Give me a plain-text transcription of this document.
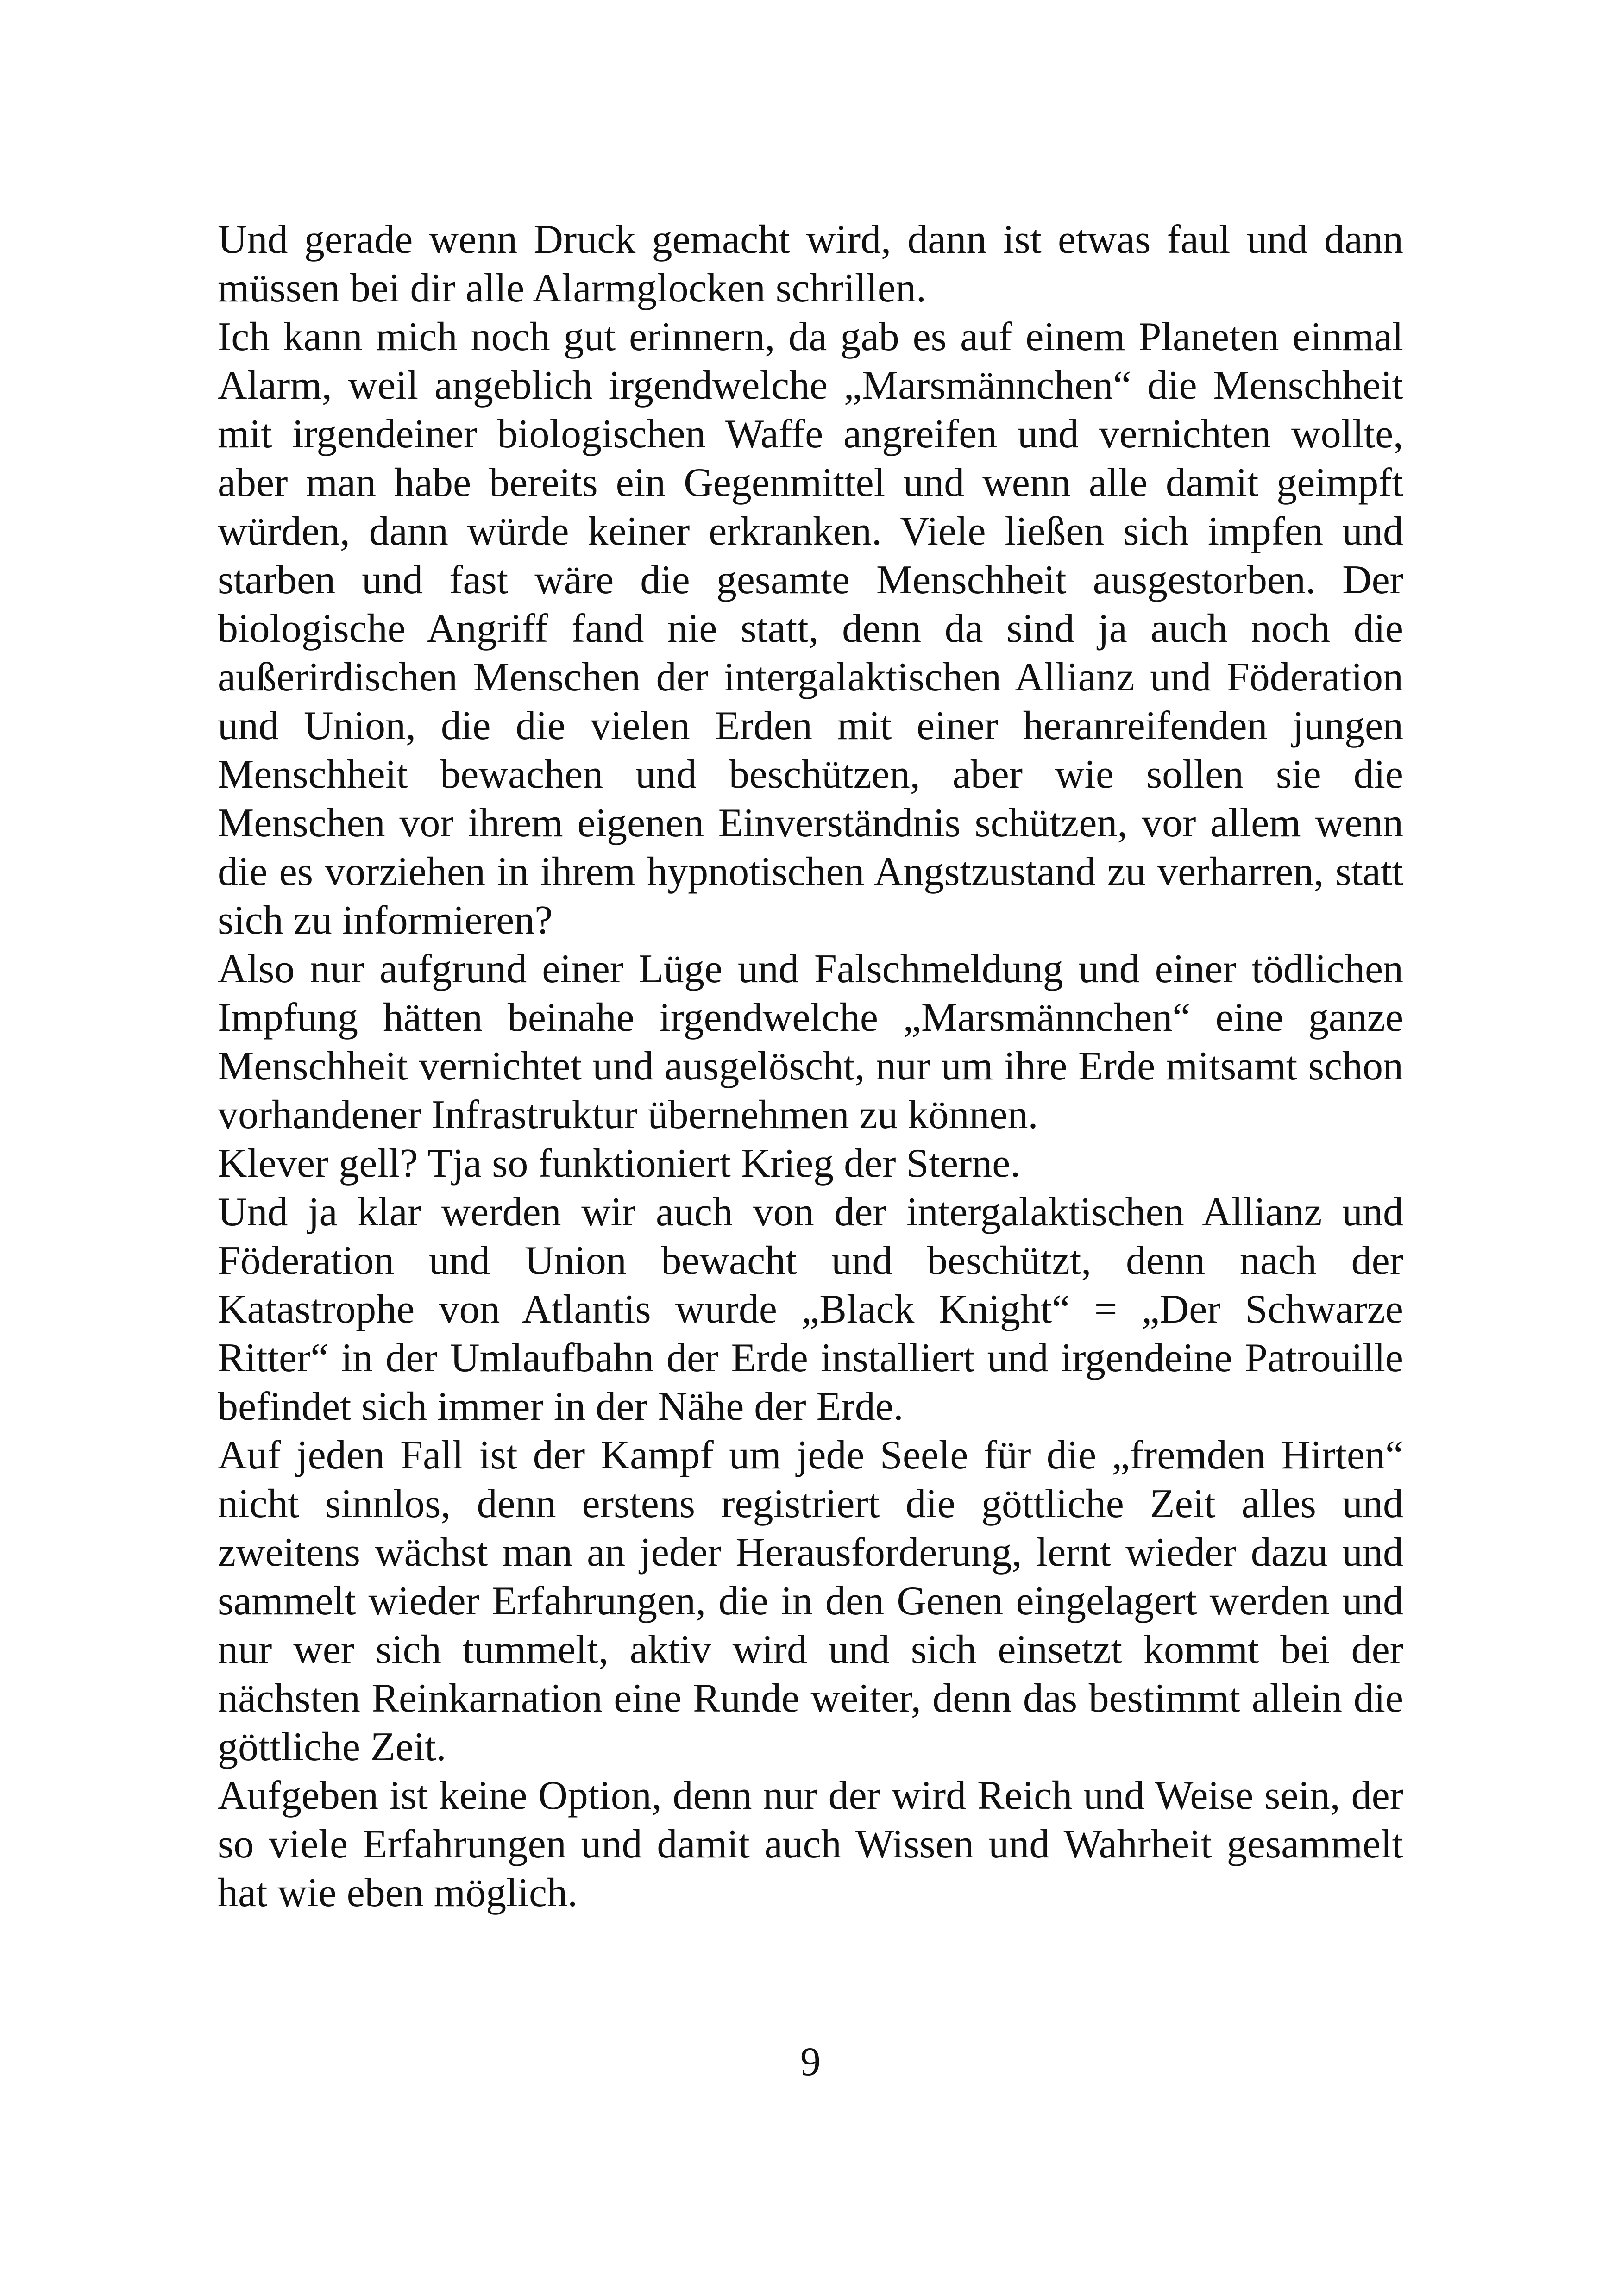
Und gerade wenn Druck gemacht wird, dann ist etwas faul und dann müssen bei dir alle Alarmglocken schrillen.

Ich kann mich noch gut erinnern, da gab es auf einem Planeten einmal Alarm, weil angeblich irgendwelche „Marsmännchen“ die Menschheit mit irgendeiner biologischen Waffe angreifen und vernichten wollte, aber man habe bereits ein Gegenmittel und wenn alle damit geimpft würden, dann würde keiner erkranken. Viele ließen sich impfen und starben und fast wäre die gesamte Menschheit ausgestorben. Der biologische Angriff fand nie statt, denn da sind ja auch noch die außerirdischen Menschen der intergalaktischen Allianz und Föderation und Union, die die vielen Erden mit einer heranreifenden jungen Menschheit bewachen und beschützen, aber wie sollen sie die Menschen vor ihrem eigenen Einverständnis schützen, vor allem wenn die es vorziehen in ihrem hypnotischen Angstzustand zu verharren, statt sich zu informieren?

Also nur aufgrund einer Lüge und Falschmeldung und einer tödlichen Impfung hätten beinahe irgendwelche „Marsmännchen“ eine ganze Menschheit vernichtet und ausgelöscht, nur um ihre Erde mitsamt schon vorhandener Infrastruktur übernehmen zu können.

Klever gell? Tja so funktioniert Krieg der Sterne.

Und ja klar werden wir auch von der intergalaktischen Allianz und Föderation und Union bewacht und beschützt, denn nach der Katastrophe von Atlantis wurde „Black Knight“ = „Der Schwarze Ritter“ in der Umlaufbahn der Erde installiert und irgendeine Patrouille befindet sich immer in der Nähe der Erde.

Auf jeden Fall ist der Kampf um jede Seele für die „fremden Hirten“ nicht sinnlos, denn erstens registriert die göttliche Zeit alles und zweitens wächst man an jeder Herausforderung, lernt wieder dazu und sammelt wieder Erfahrungen, die in den Genen eingelagert werden und nur wer sich tummelt, aktiv wird und sich einsetzt kommt bei der nächsten Reinkarnation eine Runde weiter, denn das bestimmt allein die göttliche Zeit.

Aufgeben ist keine Option, denn nur der wird Reich und Weise sein, der so viele Erfahrungen und damit auch Wissen und Wahrheit gesammelt hat wie eben möglich.

9
